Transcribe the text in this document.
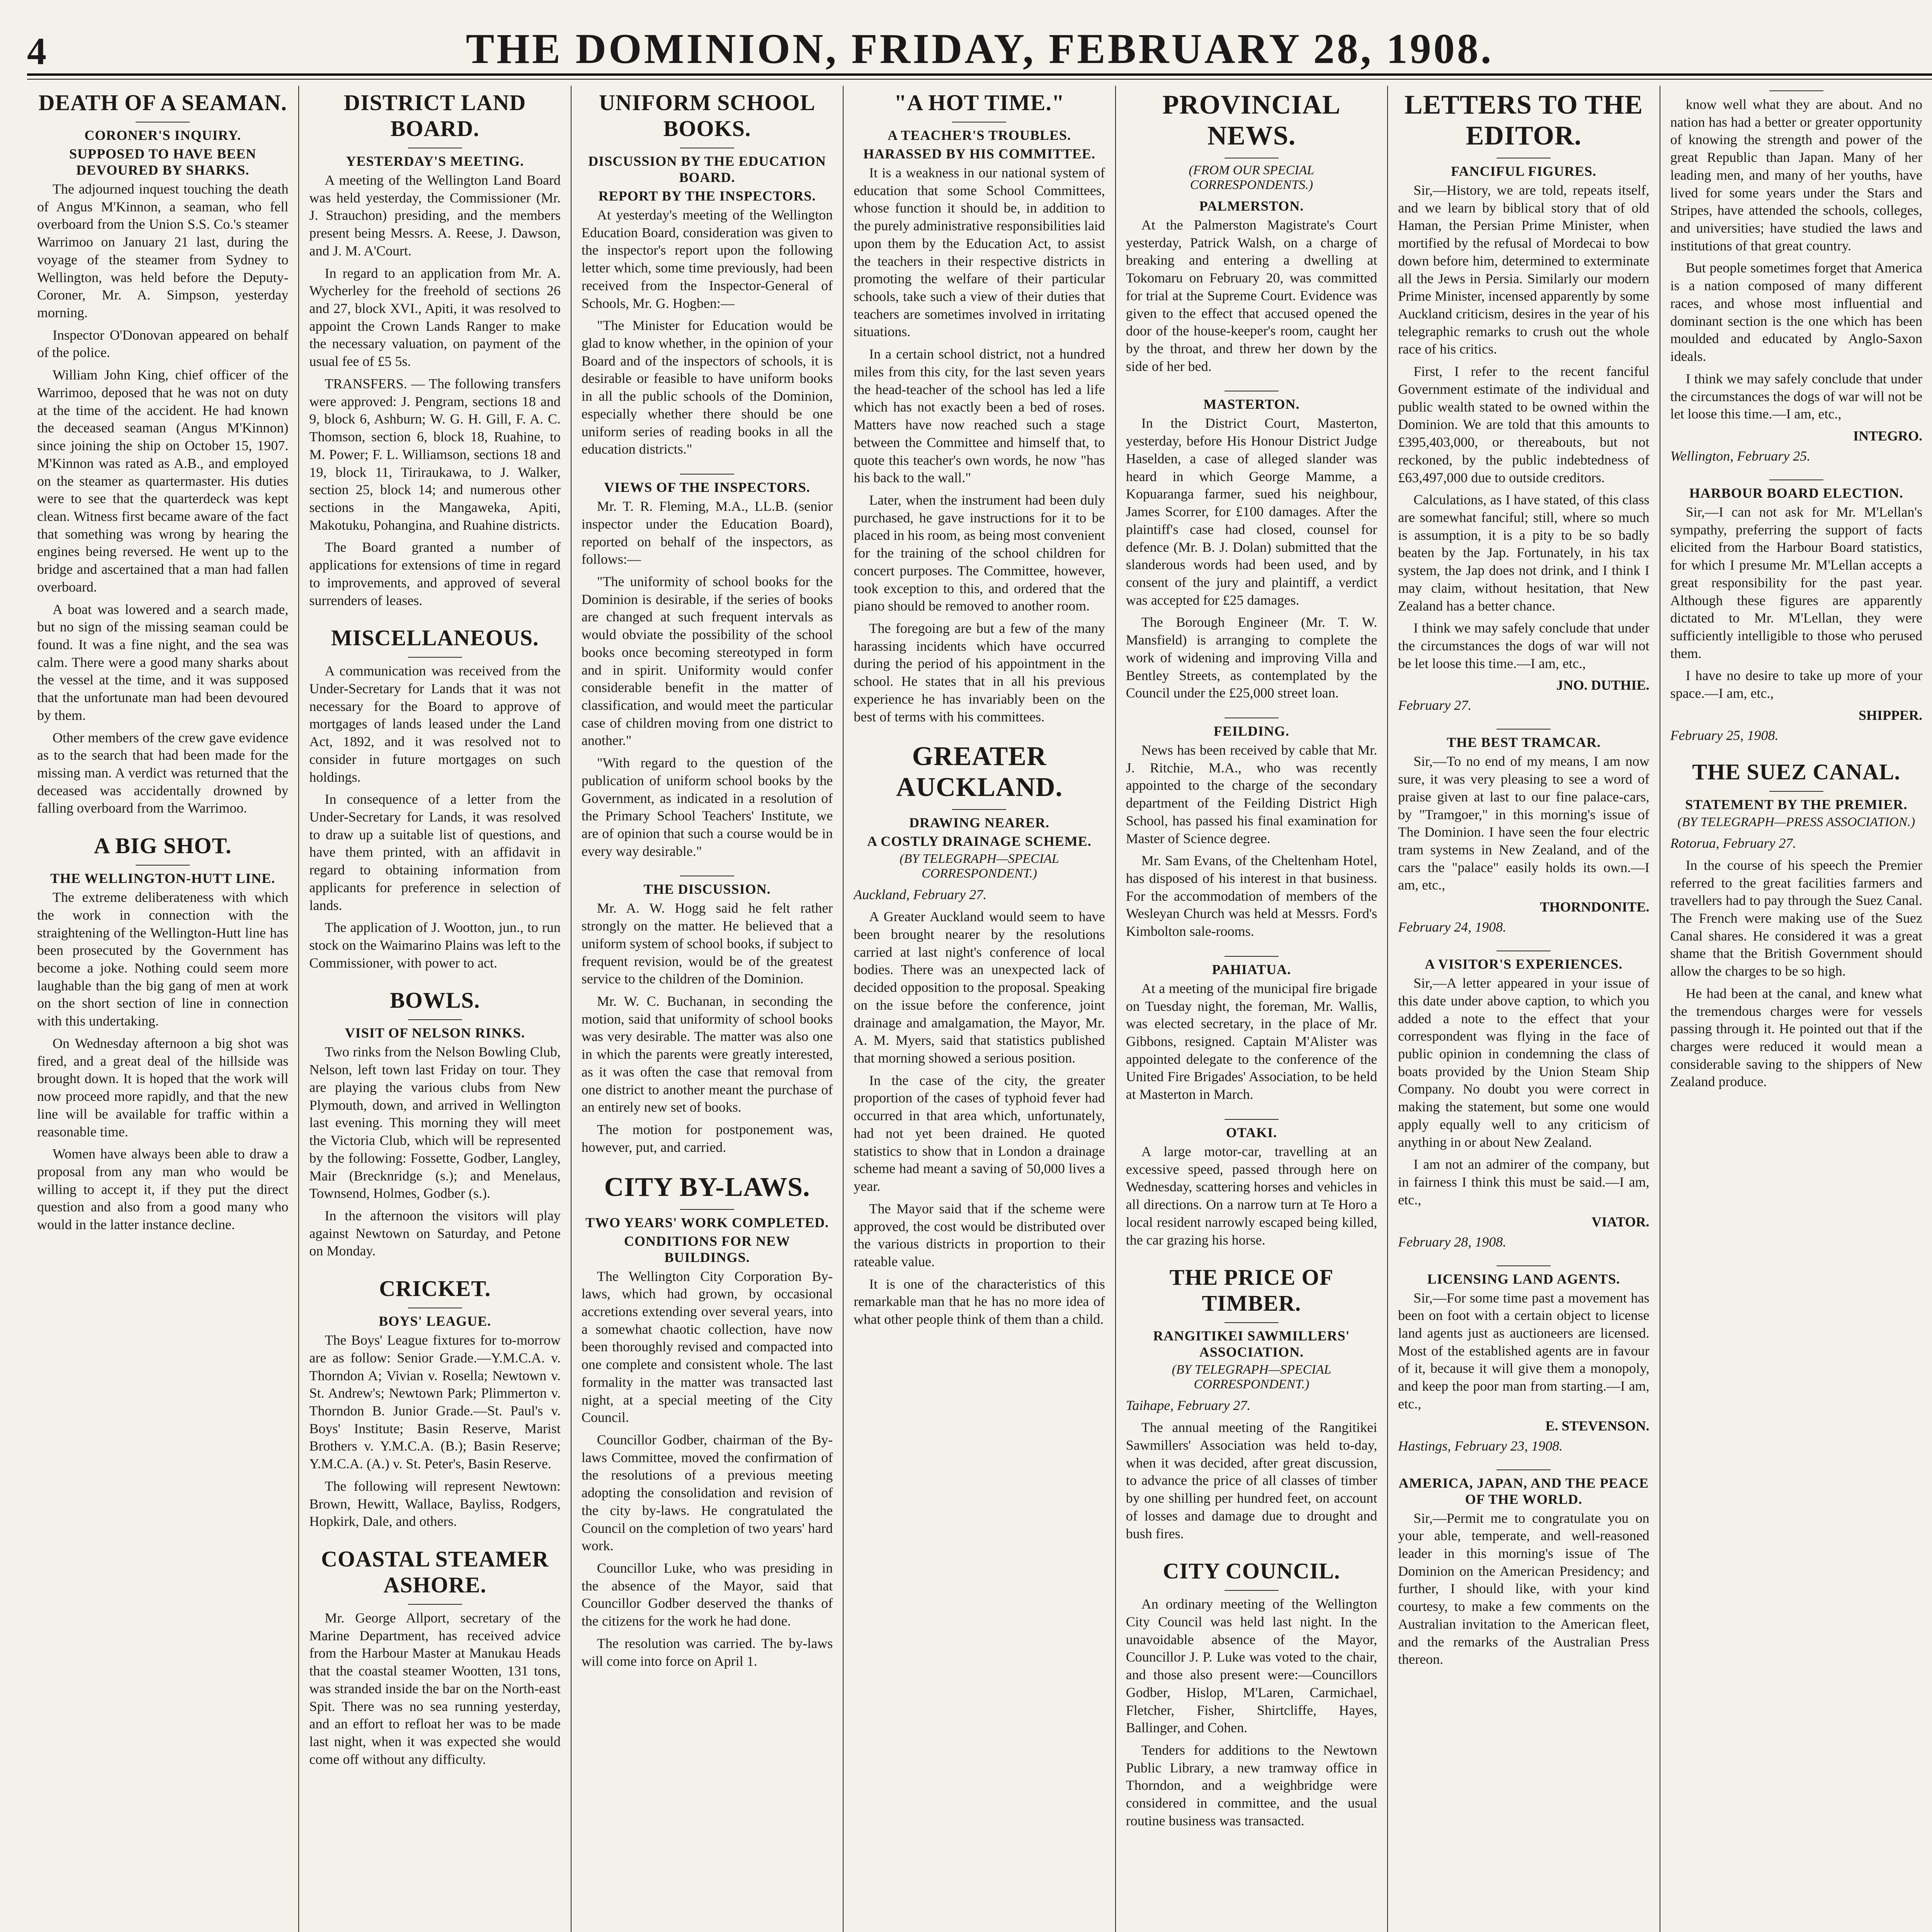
4	THE DOMINION, FRIDAY, FEBRUARY 28, 1908.
DEATH OF A SEAMAN.
CORONER'S INQUIRY.
SUPPOSED TO HAVE BEEN DEVOURED BY SHARKS.

The adjourned inquest touching the death of Angus M'Kinnon, a seaman, who fell overboard from the Union S.S. Co.'s steamer Warrimoo on January 21 last, during the voyage of the steamer from Sydney to Wellington, was held before the Deputy-Coroner, Mr. A. Simpson, yesterday morning.

Inspector O'Donovan appeared on behalf of the police.

William John King, chief officer of the Warrimoo, deposed that he was not on duty at the time of the accident. He had known the deceased seaman (Angus M'Kinnon) since joining the ship on October 15, 1907. M'Kinnon was rated as A.B., and employed on the steamer as quartermaster. His duties were to see that the quarterdeck was kept clean. Witness first became aware of the fact that something was wrong by hearing the engines being reversed. He went up to the bridge and ascertained that a man had fallen overboard.

A boat was lowered and a search made, but no sign of the missing seaman could be found. It was a fine night, and the sea was calm. There were a good many sharks about the vessel at the time, and it was supposed that the unfortunate man had been devoured by them.

Other members of the crew gave evidence as to the search that had been made for the missing man. A verdict was returned that the deceased was accidentally drowned by falling overboard from the Warrimoo.

A BIG SHOT.
THE WELLINGTON-HUTT LINE.

The extreme deliberateness with which the work in connection with the straightening of the Wellington-Hutt line has been prosecuted by the Government has become a joke. Nothing could seem more laughable than the big gang of men at work on the short section of line in connection with this undertaking.

On Wednesday afternoon a big shot was fired, and a great deal of the hillside was brought down. It is hoped that the work will now proceed more rapidly, and that the new line will be available for traffic within a reasonable time.

Women have always been able to draw a proposal from any man who would be willing to accept it, if they put the direct question and also from a good many who would in the latter instance decline.

DISTRICT LAND BOARD.
YESTERDAY'S MEETING.

A meeting of the Wellington Land Board was held yesterday, the Commissioner (Mr. J. Strauchon) presiding, and the members present being Messrs. A. Reese, J. Dawson, and J. M. A'Court.

In regard to an application from Mr. A. Wycherley for the freehold of sections 26 and 27, block XVI., Apiti, it was resolved to appoint the Crown Lands Ranger to make the necessary valuation, on payment of the usual fee of £5 5s.

TRANSFERS. — The following transfers were approved: J. Pengram, sections 18 and 9, block 6, Ashburn; W. G. H. Gill, F. A. C. Thomson, section 6, block 18, Ruahine, to M. Power; F. L. Williamson, sections 18 and 19, block 11, Tiriraukawa, to J. Walker, section 25, block 14; and numerous other sections in the Mangaweka, Apiti, Makotuku, Pohangina, and Ruahine districts.

The Board granted a number of applications for extensions of time in regard to improvements, and approved of several surrenders of leases.

MISCELLANEOUS.

A communication was received from the Under-Secretary for Lands that it was not necessary for the Board to approve of mortgages of lands leased under the Land Act, 1892, and it was resolved not to consider in future mortgages on such holdings.

In consequence of a letter from the Under-Secretary for Lands, it was resolved to draw up a suitable list of questions, and have them printed, with an affidavit in regard to obtaining information from applicants for preference in selection of lands.

The application of J. Wootton, jun., to run stock on the Waimarino Plains was left to the Commissioner, with power to act.

BOWLS.
VISIT OF NELSON RINKS.

Two rinks from the Nelson Bowling Club, Nelson, left town last Friday on tour. They are playing the various clubs from New Plymouth, down, and arrived in Wellington last evening. This morning they will meet the Victoria Club, which will be represented by the following: Fossette, Godber, Langley, Mair (Brecknridge (s.); and Menelaus, Townsend, Holmes, Godber (s.).

In the afternoon the visitors will play against Newtown on Saturday, and Petone on Monday.

CRICKET.
BOYS' LEAGUE.

The Boys' League fixtures for to-morrow are as follow: Senior Grade.—Y.M.C.A. v. Thorndon A; Vivian v. Rosella; Newtown v. St. Andrew's; Newtown Park; Plimmerton v. Thorndon B. Junior Grade.—St. Paul's v. Boys' Institute; Basin Reserve, Marist Brothers v. Y.M.C.A. (B.); Basin Reserve; Y.M.C.A. (A.) v. St. Peter's, Basin Reserve.

The following will represent Newtown: Brown, Hewitt, Wallace, Bayliss, Rodgers, Hopkirk, Dale, and others.

COASTAL STEAMER ASHORE.

Mr. George Allport, secretary of the Marine Department, has received advice from the Harbour Master at Manukau Heads that the coastal steamer Wootten, 131 tons, was stranded inside the bar on the North-east Spit. There was no sea running yesterday, and an effort to refloat her was to be made last night, when it was expected she would come off without any difficulty.

UNIFORM SCHOOL BOOKS.
DISCUSSION BY THE EDUCATION BOARD.
REPORT BY THE INSPECTORS.

At yesterday's meeting of the Wellington Education Board, consideration was given to the inspector's report upon the following letter which, some time previously, had been received from the Inspector-General of Schools, Mr. G. Hogben:—

"The Minister for Education would be glad to know whether, in the opinion of your Board and of the inspectors of schools, it is desirable or feasible to have uniform books in all the public schools of the Dominion, especially whether there should be one uniform series of reading books in all the education districts."

VIEWS OF THE INSPECTORS.

Mr. T. R. Fleming, M.A., LL.B. (senior inspector under the Education Board), reported on behalf of the inspectors, as follows:—

"The uniformity of school books for the Dominion is desirable, if the series of books are changed at such frequent intervals as would obviate the possibility of the school books once becoming stereotyped in form and in spirit. Uniformity would confer considerable benefit in the matter of classification, and would meet the particular case of children moving from one district to another."

"With regard to the question of the publication of uniform school books by the Government, as indicated in a resolution of the Primary School Teachers' Institute, we are of opinion that such a course would be in every way desirable."

THE DISCUSSION.

Mr. A. W. Hogg said he felt rather strongly on the matter. He believed that a uniform system of school books, if subject to frequent revision, would be of the greatest service to the children of the Dominion.

Mr. W. C. Buchanan, in seconding the motion, said that uniformity of school books was very desirable. The matter was also one in which the parents were greatly interested, as it was often the case that removal from one district to another meant the purchase of an entirely new set of books.

The motion for postponement was, however, put, and carried.

CITY BY-LAWS.
TWO YEARS' WORK COMPLETED.
CONDITIONS FOR NEW BUILDINGS.

The Wellington City Corporation By-laws, which had grown, by occasional accretions extending over several years, into a somewhat chaotic collection, have now been thoroughly revised and compacted into one complete and consistent whole. The last formality in the matter was transacted last night, at a special meeting of the City Council.

Councillor Godber, chairman of the By-laws Committee, moved the confirmation of the resolutions of a previous meeting adopting the consolidation and revision of the city by-laws. He congratulated the Council on the completion of two years' hard work.

Councillor Luke, who was presiding in the absence of the Mayor, said that Councillor Godber deserved the thanks of the citizens for the work he had done.

The resolution was carried. The by-laws will come into force on April 1.

"A HOT TIME."
A TEACHER'S TROUBLES.
HARASSED BY HIS COMMITTEE.

It is a weakness in our national system of education that some School Committees, whose function it should be, in addition to the purely administrative responsibilities laid upon them by the Education Act, to assist the teachers in their respective districts in promoting the welfare of their particular schools, take such a view of their duties that teachers are sometimes involved in irritating situations.

In a certain school district, not a hundred miles from this city, for the last seven years the head-teacher of the school has led a life which has not exactly been a bed of roses. Matters have now reached such a stage between the Committee and himself that, to quote this teacher's own words, he now "has his back to the wall."

Later, when the instrument had been duly purchased, he gave instructions for it to be placed in his room, as being most convenient for the training of the school children for concert purposes. The Committee, however, took exception to this, and ordered that the piano should be removed to another room.

The foregoing are but a few of the many harassing incidents which have occurred during the period of his appointment in the school. He states that in all his previous experience he has invariably been on the best of terms with his committees.

GREATER AUCKLAND.
DRAWING NEARER.
A COSTLY DRAINAGE SCHEME.
(BY TELEGRAPH—SPECIAL CORRESPONDENT.)
Auckland, February 27.

A Greater Auckland would seem to have been brought nearer by the resolutions carried at last night's conference of local bodies. There was an unexpected lack of decided opposition to the proposal. Speaking on the issue before the conference, joint drainage and amalgamation, the Mayor, Mr. A. M. Myers, said that statistics published that morning showed a serious position.

In the case of the city, the greater proportion of the cases of typhoid fever had occurred in that area which, unfortunately, had not yet been drained. He quoted statistics to show that in London a drainage scheme had meant a saving of 50,000 lives a year.

The Mayor said that if the scheme were approved, the cost would be distributed over the various districts in proportion to their rateable value.

It is one of the characteristics of this remarkable man that he has no more idea of what other people think of them than a child.

PROVINCIAL NEWS.
(FROM OUR SPECIAL CORRESPONDENTS.)
PALMERSTON.

At the Palmerston Magistrate's Court yesterday, Patrick Walsh, on a charge of breaking and entering a dwelling at Tokomaru on February 20, was committed for trial at the Supreme Court. Evidence was given to the effect that accused opened the door of the house-keeper's room, caught her by the throat, and threw her down by the side of her bed.

MASTERTON.

In the District Court, Masterton, yesterday, before His Honour District Judge Haselden, a case of alleged slander was heard in which George Mamme, a Kopuaranga farmer, sued his neighbour, James Scorrer, for £100 damages. After the plaintiff's case had closed, counsel for defence (Mr. B. J. Dolan) submitted that the slanderous words had been used, and by consent of the jury and plaintiff, a verdict was accepted for £25 damages.

The Borough Engineer (Mr. T. W. Mansfield) is arranging to complete the work of widening and improving Villa and Bentley Streets, as contemplated by the Council under the £25,000 street loan.

FEILDING.

News has been received by cable that Mr. J. Ritchie, M.A., who was recently appointed to the charge of the secondary department of the Feilding District High School, has passed his final examination for Master of Science degree.

Mr. Sam Evans, of the Cheltenham Hotel, has disposed of his interest in that business. For the accommodation of members of the Wesleyan Church was held at Messrs. Ford's Kimbolton sale-rooms.

PAHIATUA.

At a meeting of the municipal fire brigade on Tuesday night, the foreman, Mr. Wallis, was elected secretary, in the place of Mr. Gibbons, resigned. Captain M'Alister was appointed delegate to the conference of the United Fire Brigades' Association, to be held at Masterton in March.

OTAKI.

A large motor-car, travelling at an excessive speed, passed through here on Wednesday, scattering horses and vehicles in all directions. On a narrow turn at Te Horo a local resident narrowly escaped being killed, the car grazing his horse.

THE PRICE OF TIMBER.
RANGITIKEI SAWMILLERS' ASSOCIATION.
(BY TELEGRAPH—SPECIAL CORRESPONDENT.)
Taihape, February 27.

The annual meeting of the Rangitikei Sawmillers' Association was held to-day, when it was decided, after great discussion, to advance the price of all classes of timber by one shilling per hundred feet, on account of losses and damage due to drought and bush fires.

CITY COUNCIL.

An ordinary meeting of the Wellington City Council was held last night. In the unavoidable absence of the Mayor, Councillor J. P. Luke was voted to the chair, and those also present were:—Councillors Godber, Hislop, M'Laren, Carmichael, Fletcher, Fisher, Shirtcliffe, Hayes, Ballinger, and Cohen.

Tenders for additions to the Newtown Public Library, a new tramway office in Thorndon, and a weighbridge were considered in committee, and the usual routine business was transacted.

LETTERS TO THE EDITOR.
FANCIFUL FIGURES.

Sir,—History, we are told, repeats itself, and we learn by biblical story that of old Haman, the Persian Prime Minister, when mortified by the refusal of Mordecai to bow down before him, determined to exterminate all the Jews in Persia. Similarly our modern Prime Minister, incensed apparently by some Auckland criticism, desires in the year of his telegraphic remarks to crush out the whole race of his critics.

First, I refer to the recent fanciful Government estimate of the individual and public wealth stated to be owned within the Dominion. We are told that this amounts to £395,403,000, or thereabouts, but not reckoned, by the public indebtedness of £63,497,000 due to outside creditors.

Calculations, as I have stated, of this class are somewhat fanciful; still, where so much is assumption, it is a pity to be so badly beaten by the Jap. Fortunately, in his tax system, the Jap does not drink, and I think I may claim, without hesitation, that New Zealand has a better chance.

I think we may safely conclude that under the circumstances the dogs of war will not be let loose this time.—I am, etc.,

JNO. DUTHIE.
February 27.
THE BEST TRAMCAR.

Sir,—To no end of my means, I am now sure, it was very pleasing to see a word of praise given at last to our fine palace-cars, by "Tramgoer," in this morning's issue of The Dominion. I have seen the four electric tram systems in New Zealand, and of the cars the "palace" easily holds its own.—I am, etc.,

THORNDONITE.
February 24, 1908.
A VISITOR'S EXPERIENCES.

Sir,—A letter appeared in your issue of this date under above caption, to which you added a note to the effect that your correspondent was flying in the face of public opinion in condemning the class of boats provided by the Union Steam Ship Company. No doubt you were correct in making the statement, but some one would apply equally well to any criticism of anything in or about New Zealand.

I am not an admirer of the company, but in fairness I think this must be said.—I am, etc.,

VIATOR.
February 28, 1908.
LICENSING LAND AGENTS.

Sir,—For some time past a movement has been on foot with a certain object to license land agents just as auctioneers are licensed. Most of the established agents are in favour of it, because it will give them a monopoly, and keep the poor man from starting.—I am, etc.,

E. STEVENSON.
Hastings, February 23, 1908.
AMERICA, JAPAN, AND THE PEACE OF THE WORLD.

Sir,—Permit me to congratulate you on your able, temperate, and well-reasoned leader in this morning's issue of The Dominion on the American Presidency; and further, I should like, with your kind courtesy, to make a few comments on the Australian invitation to the American fleet, and the remarks of the Australian Press thereon.

know well what they are about. And no nation has had a better or greater opportunity of knowing the strength and power of the great Republic than Japan. Many of her leading men, and many of her youths, have lived for some years under the Stars and Stripes, have attended the schools, colleges, and universities; have studied the laws and institutions of that great country.

But people sometimes forget that America is a nation composed of many different races, and whose most influential and dominant section is the one which has been moulded and educated by Anglo-Saxon ideals.

I think we may safely conclude that under the circumstances the dogs of war will not be let loose this time.—I am, etc.,

INTEGRO.
Wellington, February 25.
HARBOUR BOARD ELECTION.

Sir,—I can not ask for Mr. M'Lellan's sympathy, preferring the support of facts elicited from the Harbour Board statistics, for which I presume Mr. M'Lellan accepts a great responsibility for the past year. Although these figures are apparently dictated to Mr. M'Lellan, they were sufficiently intelligible to those who perused them.

I have no desire to take up more of your space.—I am, etc.,

SHIPPER.
February 25, 1908.
THE SUEZ CANAL.
STATEMENT BY THE PREMIER.
(BY TELEGRAPH—PRESS ASSOCIATION.)
Rotorua, February 27.

In the course of his speech the Premier referred to the great facilities farmers and travellers had to pay through the Suez Canal. The French were making use of the Suez Canal shares. He considered it was a great shame that the British Government should allow the charges to be so high.

He had been at the canal, and knew what the tremendous charges were for vessels passing through it. He pointed out that if the charges were reduced it would mean a considerable saving to the shippers of New Zealand produce.
